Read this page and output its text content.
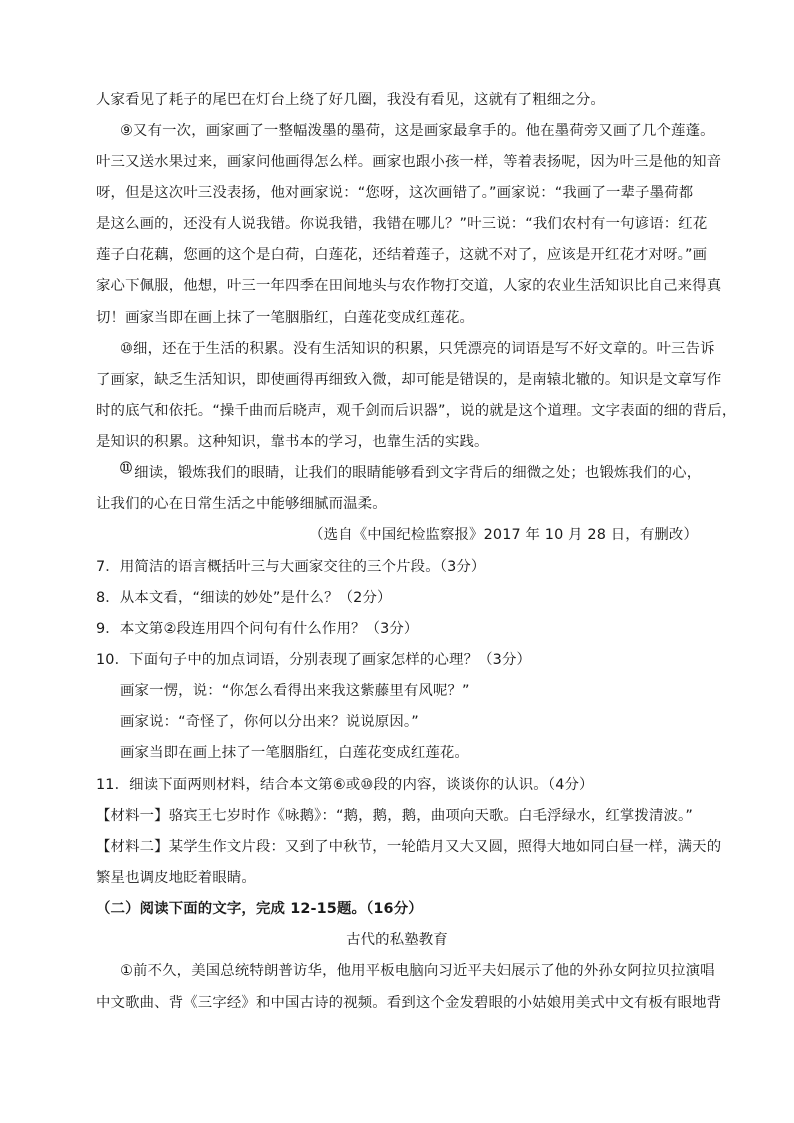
人家看见了耗子的尾巴在灯台上绕了好几圈，我没有看见，这就有了粗细之分。
⑨又有一次，画家画了一整幅泼墨的墨荷，这是画家最拿手的。他在墨荷旁又画了几个莲蓬。
叶三又送水果过来，画家问他画得怎么样。画家也跟小孩一样，等着表扬呢，因为叶三是他的知音
呀，但是这次叶三没表扬，他对画家说：“您呀，这次画错了。”画家说：“我画了一辈子墨荷都
是这么画的，还没有人说我错。你说我错，我错在哪儿？”叶三说：“我们农村有一句谚语：红花
莲子白花藕，您画的这个是白荷，白莲花，还结着莲子，这就不对了，应该是开红花才对呀。”画
家心下佩服，他想，叶三一年四季在田间地头与农作物打交道，人家的农业生活知识比自己来得真
切！画家当即在画上抹了一笔胭脂红，白莲花变成红莲花。
⑩细，还在于生活的积累。没有生活知识的积累，只凭漂亮的词语是写不好文章的。叶三告诉
了画家，缺乏生活知识，即使画得再细致入微，却可能是错误的，是南辕北辙的。知识是文章写作
时的底气和依托。“操千曲而后晓声，观千剑而后识器”，说的就是这个道理。文字表面的细的背后，
是知识的积累。这种知识，靠书本的学习，也靠生活的实践。
⑪ 细读，锻炼我们的眼睛，让我们的眼睛能够看到文字背后的细微之处；也锻炼我们的心，
让我们的心在日常生活之中能够细腻而温柔。
（选自《中国纪检监察报》2017 年 10 月 28 日，有删改）
7．用简洁的语言概括叶三与大画家交往的三个片段。（3分）
8．从本文看，“细读的妙处”是什么？（2分）
9．本文第②段连用四个问句有什么作用？（3分）
10．下面句子中的加点词语，分别表现了画家怎样的心理？（3分）
画家一愣，说：“你怎么看得出来我这紫藤里有风呢？”
画家说：“奇怪了，你何以分出来？说说原因。”
画家当即在画上抹了一笔胭脂红，白莲花变成红莲花。
11．细读下面两则材料，结合本文第⑥或⑩段的内容，谈谈你的认识。（4分）
【材料一】骆宾王七岁时作《咏鹅》：“鹅，鹅，鹅，曲项向天歌。白毛浮绿水，红掌拨清波。”
【材料二】某学生作文片段：又到了中秋节，一轮皓月又大又圆，照得大地如同白昼一样，满天的
繁星也调皮地眨着眼睛。
（二）阅读下面的文字，完成 12-15题。（16分）
古代的私塾教育
①前不久，美国总统特朗普访华，他用平板电脑向习近平夫妇展示了他的外孙女阿拉贝拉演唱
中文歌曲、背《三字经》和中国古诗的视频。看到这个金发碧眼的小姑娘用美式中文有板有眼地背
